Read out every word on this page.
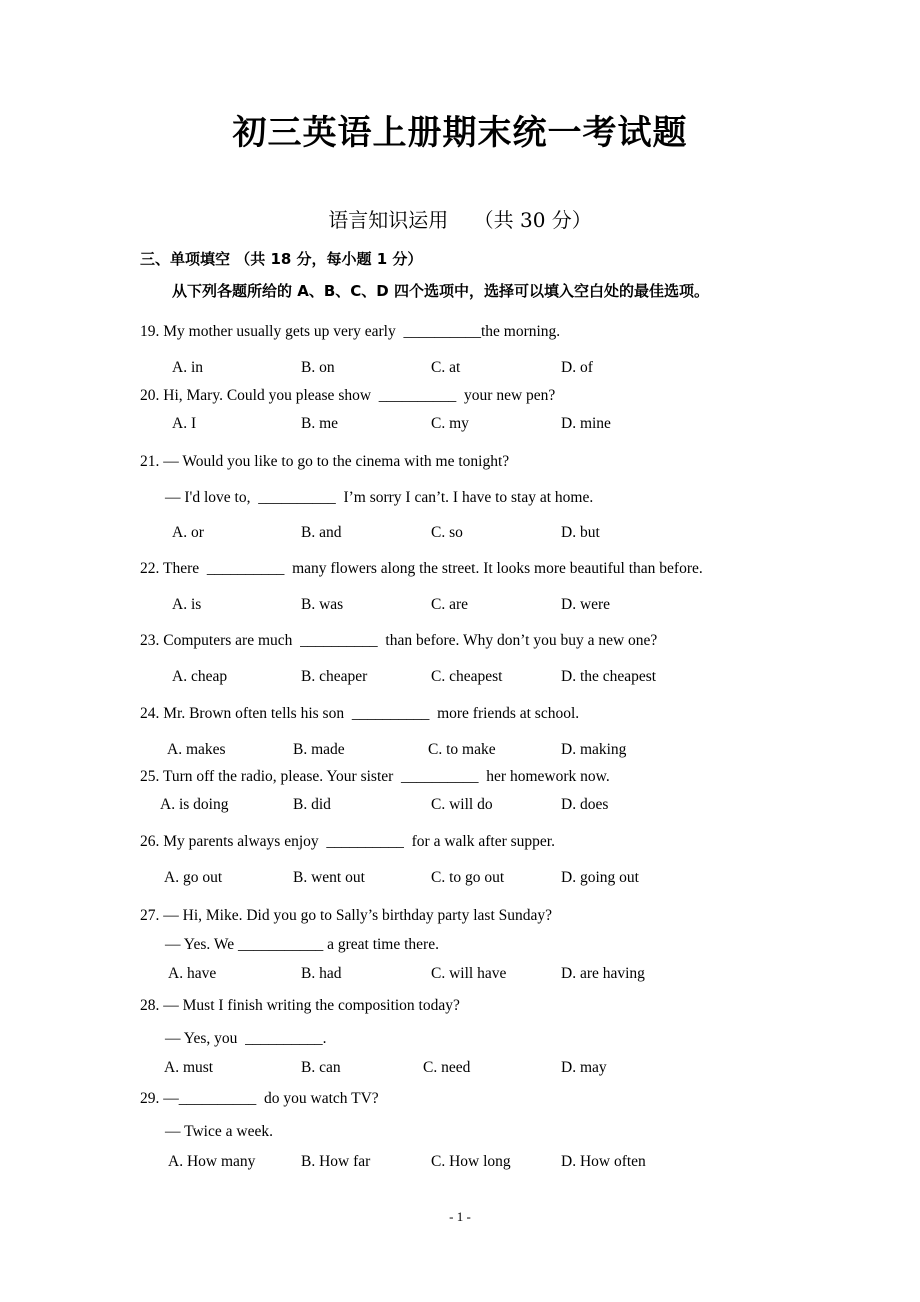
初三英语上册期末统一考试题
语言知识运用    （共 30 分）
三、单项填空 （共 18 分，每小题 1 分）
从下列各题所给的 A、B、C、D 四个选项中，选择可以填入空白处的最佳选项。
19. My mother usually gets up very early  __________the morning.
A. in	B. on	C. at	D. of
20. Hi, Mary. Could you please show  __________  your new pen?
A. I	B. me	C. my	D. mine
21. — Would you like to go to the cinema with me tonight?
— I'd love to,  __________  I’m sorry I can’t. I have to stay at home.
A. or	B. and	C. so	D. but
22. There  __________  many flowers along the street. It looks more beautiful than before.
A. is	B. was	C. are	D. were
23. Computers are much  __________  than before. Why don’t you buy a new one?
A. cheap	B. cheaper	C. cheapest	D. the cheapest
24. Mr. Brown often tells his son  __________  more friends at school.
A. makes	B. made	C. to make	D. making
25. Turn off the radio, please. Your sister  __________  her homework now.
A. is doing	B. did	C. will do	D. does
26. My parents always enjoy  __________  for a walk after supper.
A. go out	B. went out	C. to go out	D. going out
27. — Hi, Mike. Did you go to Sally’s birthday party last Sunday?
— Yes. We ___________ a great time there.
A. have	B. had	C. will have	D. are having
28. — Must I finish writing the composition today?
— Yes, you  __________.
A. must	B. can	C. need	D. may
29. —__________  do you watch TV?
— Twice a week.
A. How many	B. How far	C. How long	D. How often
- 1 -
